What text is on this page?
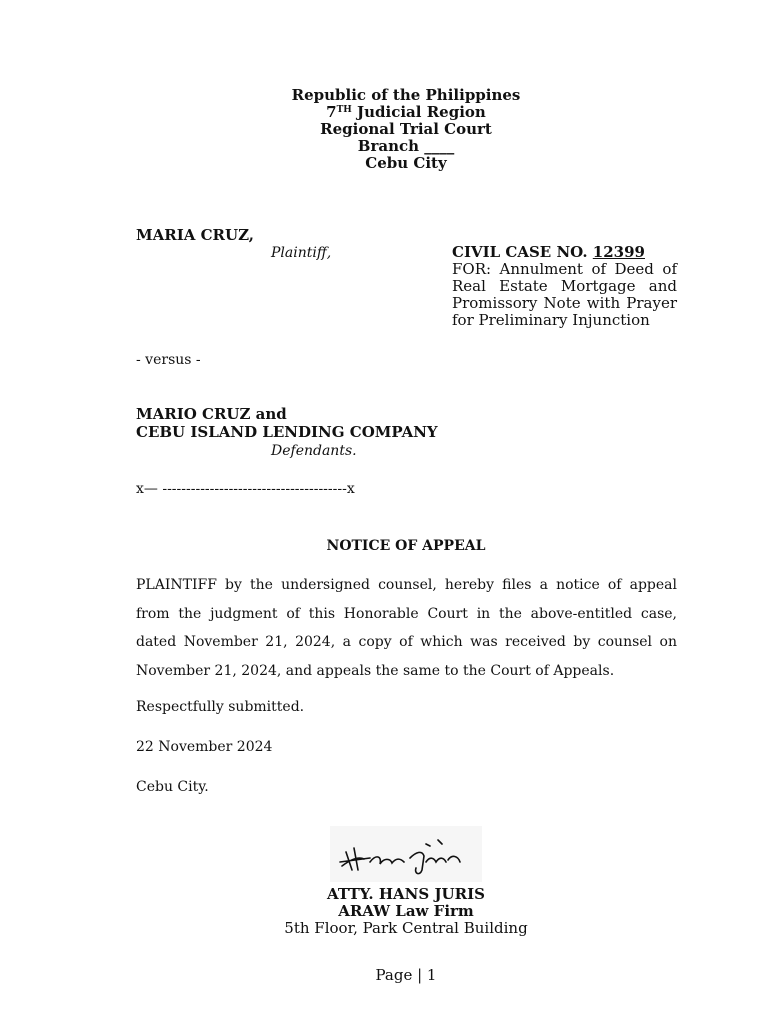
Republic of the Philippines
7TH Judicial Region
Regional Trial Court
Branch ____
Cebu City
MARIA CRUZ,
Plaintiff,	CIVIL CASE NO. 12399
FOR: Annulment of Deed of Real Estate Mortgage and Promissory Note with Prayer for Preliminary Injunction
- versus -
MARIO CRUZ and
CEBU ISLAND LENDING COMPANY
Defendants.
x— ---------------------------------------x
NOTICE OF APPEAL
PLAINTIFF by the undersigned counsel, hereby files a notice of appeal from the judgment of this Honorable Court in the above-entitled case, dated November 21, 2024, a copy of which was received by counsel on November 21, 2024, and appeals the same to the Court of Appeals.
Respectfully submitted.
22 November 2024
Cebu City.
ATTY. HANS JURIS
ARAW Law Firm
5th Floor, Park Central Building
Page | 1
